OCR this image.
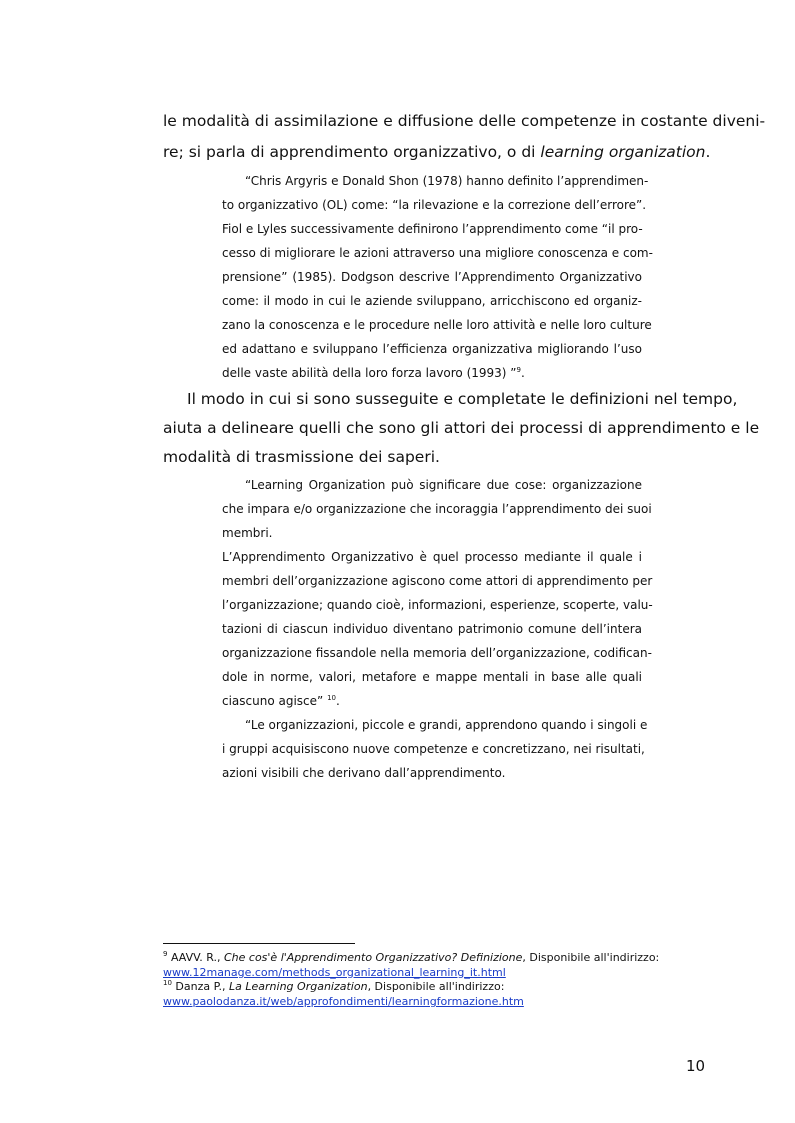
le modalità di assimilazione e diffusione delle competenze in costante diveni-
re; si parla di apprendimento organizzativo, o di learning organization.
“Chris Argyris e Donald Shon (1978) hanno definito l’apprendimen-
to organizzativo (OL) come: “la rilevazione e la correzione dell’errore”.
Fiol e Lyles successivamente definirono l’apprendimento come “il pro-
cesso di migliorare le azioni attraverso una migliore conoscenza e com-
prensione” (1985). Dodgson descrive l’Apprendimento Organizzativo
come: il modo in cui le aziende sviluppano, arricchiscono ed organiz-
zano la conoscenza e le procedure nelle loro attività e nelle loro culture
ed adattano e sviluppano l’efficienza organizzativa migliorando l’uso
delle vaste abilità della loro forza lavoro (1993) ”$^9$.
Il modo in cui si sono susseguite e completate le definizioni nel tempo,
aiuta a delineare quelli che sono gli attori dei processi di apprendimento e le
modalità di trasmissione dei saperi.
“Learning Organization può significare due cose: organizzazione
che impara e/o organizzazione che incoraggia l’apprendimento dei suoi
membri.
L’Apprendimento Organizzativo è quel processo mediante il quale i
membri dell’organizzazione agiscono come attori di apprendimento per
l’organizzazione; quando cioè, informazioni, esperienze, scoperte, valu-
tazioni di ciascun individuo diventano patrimonio comune dell’intera
organizzazione fissandole nella memoria dell’organizzazione, codifican-
dole in norme, valori, metafore e mappe mentali in base alle quali
ciascuno agisce” $^{10}$.
“Le organizzazioni, piccole e grandi, apprendono quando i singoli e
i gruppi acquisiscono nuove competenze e concretizzano, nei risultati,
azioni visibili che derivano dall’apprendimento.
$^9$ AAVV. R., Che cos'è l'Apprendimento Organizzativo? Definizione, Disponibile all'indirizzo:
www.12manage.com/methods_organizational_learning_it.html
$^{10}$ Danza P., La Learning Organization, Disponibile all'indirizzo:
www.paolodanza.it/web/approfondimenti/learningformazione.htm
10
